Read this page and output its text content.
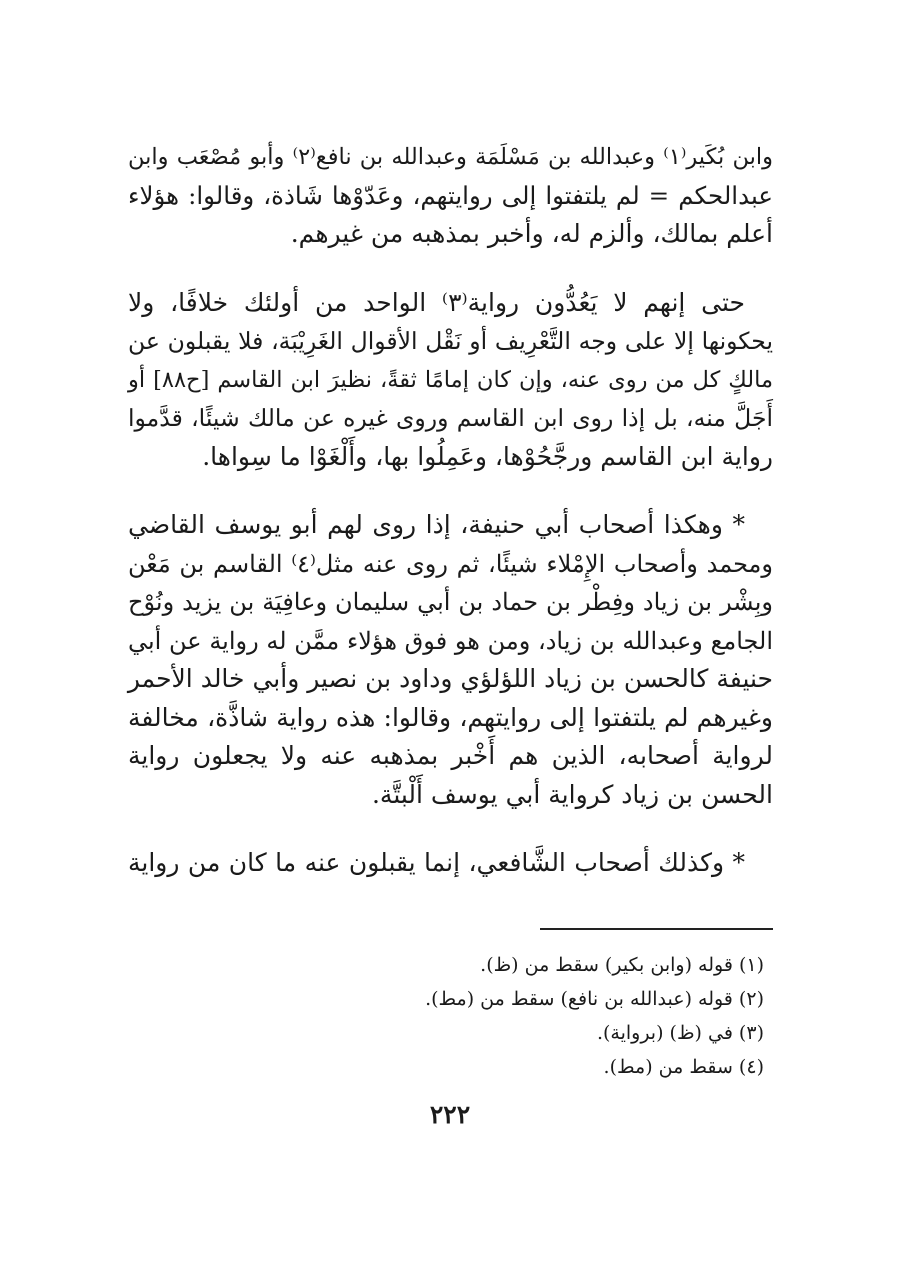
وابن بُكَير⁽١⁾ وعبدالله بن مَسْلَمَة وعبدالله بن نافع⁽٢⁾ وأبو مُصْعَب وابن
عبدالحكم = لم يلتفتوا إلى روايتهم، وعَدّوْها شَاذة، وقالوا: هؤلاء
أعلم بمالك، وألزم له، وأخبر بمذهبه من غيرهم.
حتى إنهم لا يَعُدُّون رواية⁽٣⁾ الواحد من أولئك خلافًا، ولا
يحكونها إلا على وجه التَّعْرِيف أو نَقْل الأقوال الغَرِيْبَة، فلا يقبلون عن
مالكٍ كل من روى عنه، وإن كان إمامًا ثقةً، نظيرَ ابن القاسم [ح٨٨] أو
أَجَلَّ منه، بل إذا روى ابن القاسم وروى غيره عن مالك شيئًا، قدَّموا
رواية ابن القاسم ورجَّحُوْها، وعَمِلُوا بها، وأَلْغَوْا ما سِواها.
* وهكذا أصحاب أبي حنيفة، إذا روى لهم أبو يوسف القاضي
ومحمد وأصحاب الإِمْلاء شيئًا، ثم روى عنه مثل⁽٤⁾ القاسم بن مَعْن
وبِشْر بن زياد وفِطْر بن حماد بن أبي سليمان وعافِيَة بن يزيد ونُوْح
الجامع وعبدالله بن زياد، ومن هو فوق هؤلاء ممَّن له رواية عن أبي
حنيفة كالحسن بن زياد اللؤلؤي وداود بن نصير وأبي خالد الأحمر
وغيرهم لم يلتفتوا إلى روايتهم، وقالوا: هذه رواية شاذَّة، مخالفة
لرواية أصحابه، الذين هم أَخْبر بمذهبه عنه ولا يجعلون رواية
الحسن بن زياد كرواية أبي يوسف أَلْبتَّة.
* وكذلك أصحاب الشَّافعي، إنما يقبلون عنه ما كان من رواية
(١) قوله (وابن بكير) سقط من (ظ).
(٢) قوله (عبدالله بن نافع) سقط من (مط).
(٣) في (ظ) (برواية).
(٤) سقط من (مط).
٢٢٢
